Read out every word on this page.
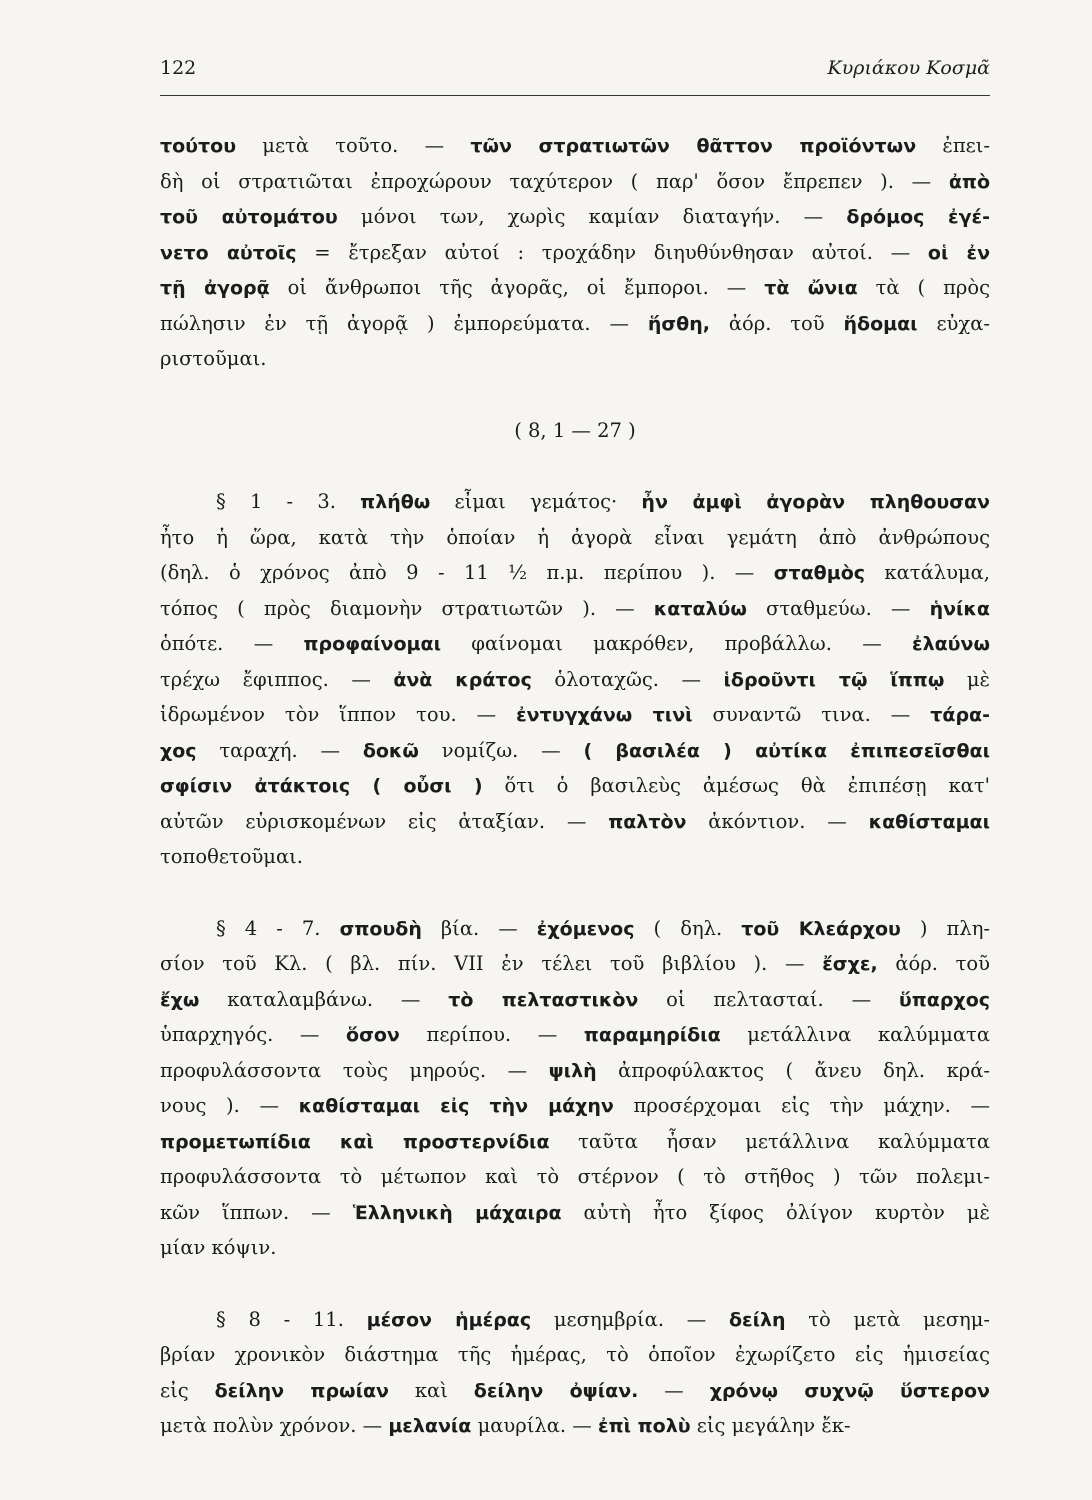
122	Κυριάκου Κοσμᾶ
τούτου μετὰ τοῦτο. — τῶν στρατιωτῶν θᾶττον προϊόντων ἐπει-
δὴ οἱ στρατιῶται ἐπροχώρουν ταχύτερον ( παρ' ὅσον ἔπρεπεν ). — ἀπὸ
τοῦ αὐτομάτου μόνοι των, χωρὶς καμίαν διαταγήν. — δρόμος ἐγέ-
νετο αὐτοῖς = ἔτρεξαν αὐτοί : τροχάδην διηυθύνθησαν αὐτοί. — οἱ ἐν
τῇ ἀγορᾷ οἱ ἄνθρωποι τῆς ἀγορᾶς, οἱ ἔμποροι. — τὰ ὤνια τὰ ( πρὸς
πώλησιν ἐν τῇ ἀγορᾷ ) ἐμπορεύματα. — ἥσθη, ἀόρ. τοῦ ἥδομαι εὐχα-
ριστοῦμαι.
( 8, 1 — 27 )
§ 1 - 3. πλήθω εἶμαι γεμάτος· ἦν ἀμφὶ ἀγορὰν πληθουσαν
ἦτο ἡ ὥρα, κατὰ τὴν ὁποίαν ἡ ἀγορὰ εἶναι γεμάτη ἀπὸ ἀνθρώπους
(δηλ. ὁ χρόνος ἀπὸ 9 - 11 ½ π.μ. περίπου ). — σταθμὸς κατάλυμα,
τόπος ( πρὸς διαμονὴν στρατιωτῶν ). — καταλύω σταθμεύω. — ἡνίκα
ὁπότε. — προφαίνομαι φαίνομαι μακρόθεν, προβάλλω. — ἐλαύνω
τρέχω ἔφιππος. — ἀνὰ κράτος ὁλοταχῶς. — ἱδροῦντι τῷ ἵππῳ μὲ
ἱδρωμένον τὸν ἵππον του. — ἐντυγχάνω τινὶ συναντῶ τινα. — τάρα-
χος ταραχή. — δοκῶ νομίζω. — ( βασιλέα ) αὐτίκα ἐπιπεσεῖσθαι
σφίσιν ἀτάκτοις ( οὖσι ) ὅτι ὁ βασιλεὺς ἀμέσως θὰ ἐπιπέσῃ κατ'
αὐτῶν εὑρισκομένων εἰς ἀταξίαν. — παλτὸν ἀκόντιον. — καθίσταμαι
τοποθετοῦμαι.
§ 4 - 7. σπουδὴ βία. — ἐχόμενος ( δηλ. τοῦ Κλεάρχου ) πλη-
σίον τοῦ Κλ. ( βλ. πίν. VII ἐν τέλει τοῦ βιβλίου ). — ἔσχε, ἀόρ. τοῦ
ἔχω καταλαμβάνω. — τὸ πελταστικὸν οἱ πελτασταί. — ὕπαρχος
ὑπαρχηγός. — ὅσον περίπου. — παραμηρίδια μετάλλινα καλύμματα
προφυλάσσοντα τοὺς μηρούς. — ψιλὴ ἀπροφύλακτος ( ἄνευ δηλ. κρά-
νους ). — καθίσταμαι εἰς τὴν μάχην προσέρχομαι εἰς τὴν μάχην. —
προμετωπίδια καὶ προστερνίδια ταῦτα ἦσαν μετάλλινα καλύμματα
προφυλάσσοντα τὸ μέτωπον καὶ τὸ στέρνον ( τὸ στῆθος ) τῶν πολεμι-
κῶν ἵππων. — Ἑλληνικὴ μάχαιρα αὐτὴ ἦτο ξίφος ὀλίγον κυρτὸν μὲ
μίαν κόψιν.
§ 8 - 11. μέσον ἡμέρας μεσημβρία. — δείλη τὸ μετὰ μεσημ-
βρίαν χρονικὸν διάστημα τῆς ἡμέρας, τὸ ὁποῖον ἐχωρίζετο εἰς ἡμισείας
εἰς δείλην πρωίαν καὶ δείλην ὀψίαν. — χρόνῳ συχνῷ ὕστερον
μετὰ πολὺν χρόνον. — μελανία μαυρίλα. — ἐπὶ πολὺ εἰς μεγάλην ἔκ-
